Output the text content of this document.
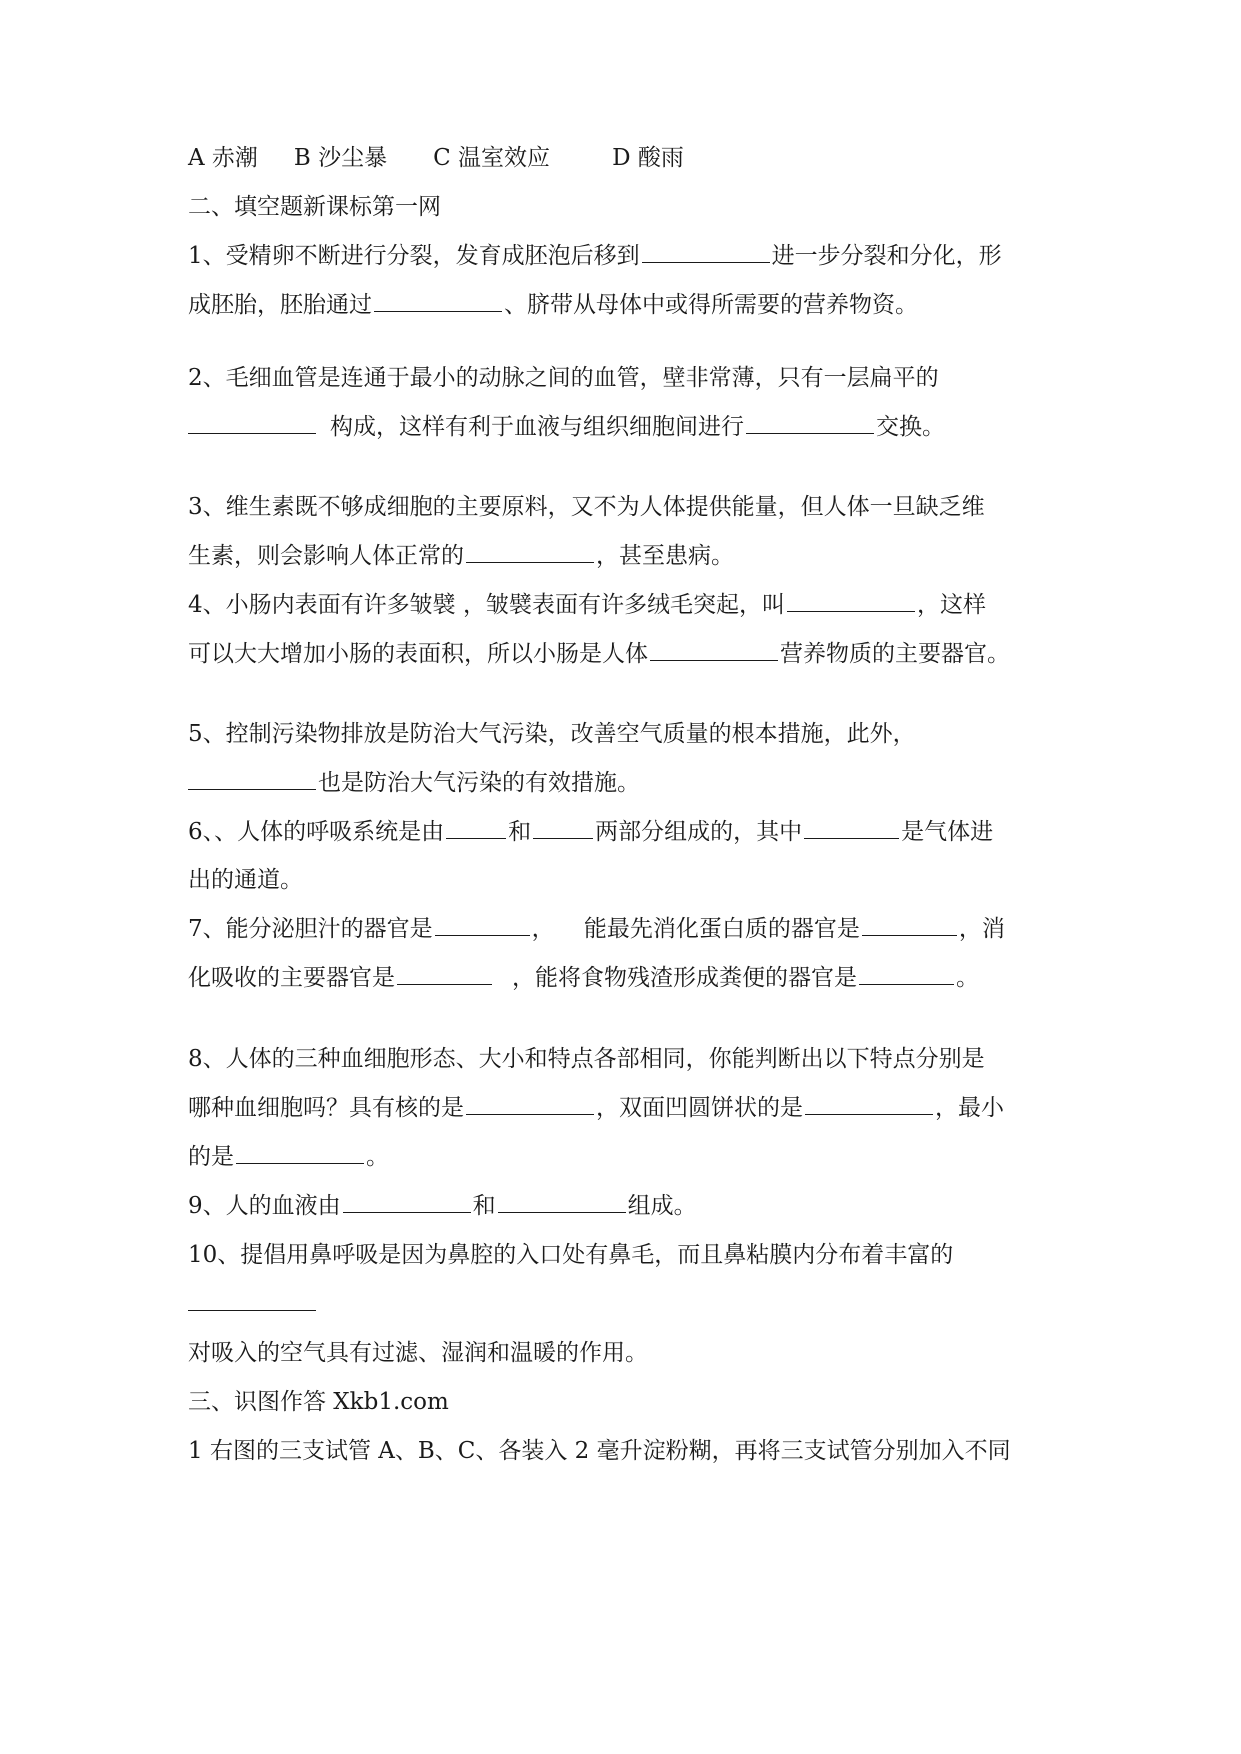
A 赤潮 B 沙尘暴 C 温室效应	D 酸雨
二、填空题新课标第一网
1、受精卵不断进行分裂，发育成胚泡后移到	进一步分裂和分化，形
成胚胎，胚胎通过	、脐带从母体中或得所需要的营养物资。
2、毛细血管是连通于最小的动脉之间的血管，壁非常薄，只有一层扁平的
构成，这样有利于血液与组织细胞间进行	交换。
3、维生素既不够成细胞的主要原料，又不为人体提供能量，但人体一旦缺乏维
生素，则会影响人体正常的	，甚至患病。
4、小肠内表面有许多皱襞 ，皱襞表面有许多绒毛突起，叫	，这样
可以大大增加小肠的表面积，所以小肠是人体	营养物质的主要器官。
5、控制污染物排放是防治大气污染，改善空气质量的根本措施，此外，
也是防治大气污染的有效措施。
6、、人体的呼吸系统是由	和	两部分组成的，其中	是气体进
出的通道。
7、能分泌胆汁的器官是	，    能最先消化蛋白质的器官是	，消
化吸收的主要器官是	，能将食物残渣形成粪便的器官是	。
8、人体的三种血细胞形态、大小和特点各部相同，你能判断出以下特点分别是
哪种血细胞吗？具有核的是	，双面凹圆饼状的是	，最小
的是	。
9、人的血液由	和	组成。
10、提倡用鼻呼吸是因为鼻腔的入口处有鼻毛，而且鼻粘膜内分布着丰富的
对吸入的空气具有过滤、湿润和温暖的作用。
三、识图作答 Xkb1.com
1 右图的三支试管 A、B、C、各装入 2 毫升淀粉糊，再将三支试管分别加入不同
